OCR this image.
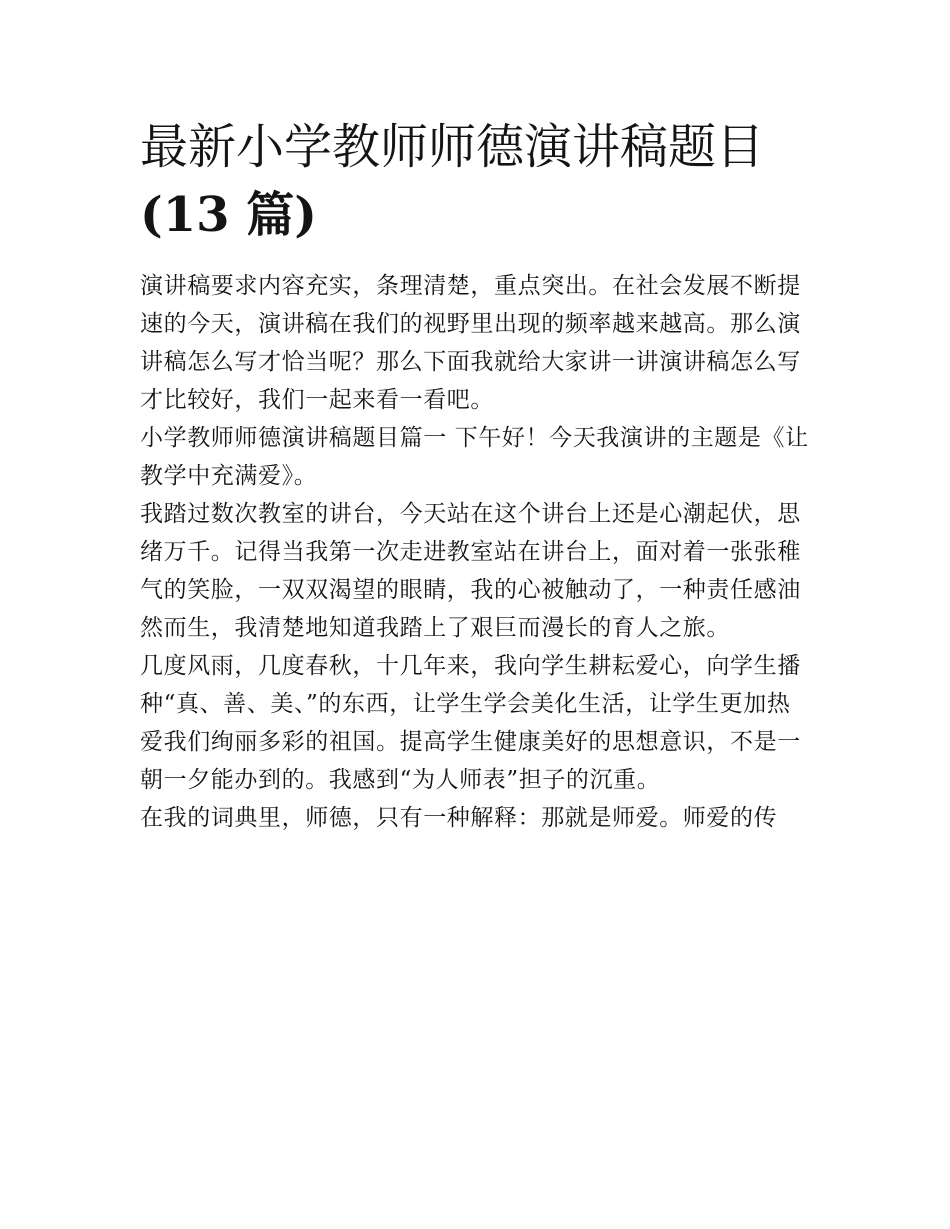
最新小学教师师德演讲稿题目
(13 篇)

演讲稿要求内容充实，条理清楚，重点突出。在社会发展不断提速的今天，演讲稿在我们的视野里出现的频率越来越高。那么演讲稿怎么写才恰当呢？那么下面我就给大家讲一讲演讲稿怎么写才比较好，我们一起来看一看吧。

小学教师师德演讲稿题目篇一 下午好！今天我演讲的主题是《让教学中充满爱》。

我踏过数次教室的讲台，今天站在这个讲台上还是心潮起伏，思绪万千。记得当我第一次走进教室站在讲台上，面对着一张张稚气的笑脸，一双双渴望的眼睛，我的心被触动了，一种责任感油然而生，我清楚地知道我踏上了艰巨而漫长的育人之旅。

几度风雨，几度春秋，十几年来，我向学生耕耘爱心，向学生播种“真、善、美、”的东西，让学生学会美化生活，让学生更加热爱我们绚丽多彩的祖国。提高学生健康美好的思想意识，不是一朝一夕能办到的。我感到“为人师表”担子的沉重。

在我的词典里，师德，只有一种解释：那就是师爱。师爱的传
